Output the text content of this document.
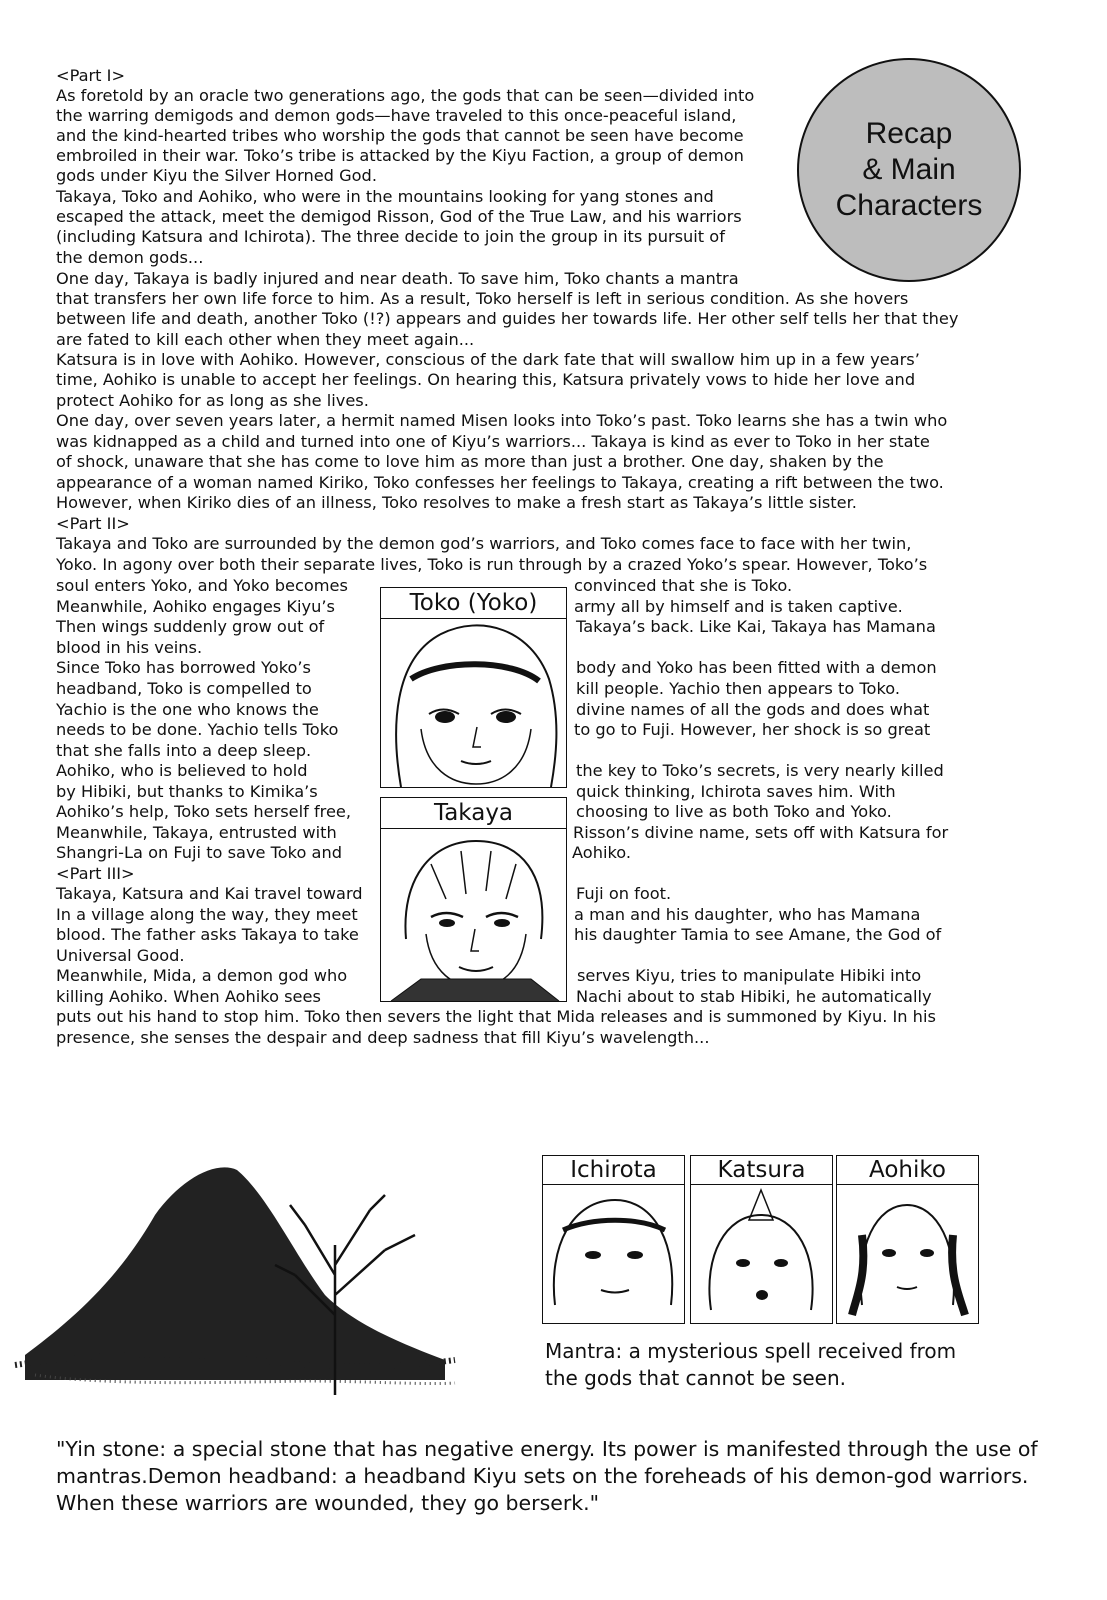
Recap
& Main
Characters
<Part I>
As foretold by an oracle two generations ago, the gods that can be seen—divided into
the warring demigods and demon gods—have traveled to this once-peaceful island,
and the kind-hearted tribes who worship the gods that cannot be seen have become
embroiled in their war. Toko’s tribe is attacked by the Kiyu Faction, a group of demon
gods under Kiyu the Silver Horned God.
Takaya, Toko and Aohiko, who were in the mountains looking for yang stones and
escaped the attack, meet the demigod Risson, God of the True Law, and his warriors
(including Katsura and Ichirota). The three decide to join the group in its pursuit of
the demon gods...
One day, Takaya is badly injured and near death. To save him, Toko chants a mantra
that transfers her own life force to him. As a result, Toko herself is left in serious condition. As she hovers
between life and death, another Toko (!?) appears and guides her towards life. Her other self tells her that they
are fated to kill each other when they meet again...
Katsura is in love with Aohiko. However, conscious of the dark fate that will swallow him up in a few years’
time, Aohiko is unable to accept her feelings. On hearing this, Katsura privately vows to hide her love and
protect Aohiko for as long as she lives.
One day, over seven years later, a hermit named Misen looks into Toko’s past. Toko learns she has a twin who
was kidnapped as a child and turned into one of Kiyu’s warriors... Takaya is kind as ever to Toko in her state
of shock, unaware that she has come to love him as more than just a brother. One day, shaken by the
appearance of a woman named Kiriko, Toko confesses her feelings to Takaya, creating a rift between the two.
However, when Kiriko dies of an illness, Toko resolves to make a fresh start as Takaya’s little sister.
<Part II>
Takaya and Toko are surrounded by the demon god’s warriors, and Toko comes face to face with her twin,
Yoko. In agony over both their separate lives, Toko is run through by a crazed Yoko’s spear. However, Toko’s
soul enters Yoko, and Yoko becomes
Meanwhile, Aohiko engages Kiyu’s
Then wings suddenly grow out of
blood in his veins.
Since Toko has borrowed Yoko’s
headband, Toko is compelled to
Yachio is the one who knows the
needs to be done. Yachio tells Toko
that she falls into a deep sleep.
Aohiko, who is believed to hold
by Hibiki, but thanks to Kimika’s
Aohiko’s help, Toko sets herself free,
Meanwhile, Takaya, entrusted with
Shangri-La on Fuji to save Toko and
<Part III>
Takaya, Katsura and Kai travel toward
In a village along the way, they meet
blood. The father asks Takaya to take
Universal Good.
Meanwhile, Mida, a demon god who
killing Aohiko. When Aohiko sees
convinced that she is Toko.
army all by himself and is taken captive.
Takaya’s back. Like Kai, Takaya has Mamana
body and Yoko has been fitted with a demon
kill people. Yachio then appears to Toko.
divine names of all the gods and does what
to go to Fuji. However, her shock is so great
the key to Toko’s secrets, is very nearly killed
quick thinking, Ichirota saves him. With
choosing to live as both Toko and Yoko.
Risson’s divine name, sets off with Katsura for
Aohiko.
Fuji on foot.
a man and his daughter, who has Mamana
his daughter Tamia to see Amane, the God of
serves Kiyu, tries to manipulate Hibiki into
Nachi about to stab Hibiki, he automatically
puts out his hand to stop him. Toko then severs the light that Mida releases and is summoned by Kiyu. In his
presence, she senses the despair and deep sadness that fill Kiyu’s wavelength...
Toko (Yoko)
Takaya
Ichirota	Katsura	Aohiko
Mantra: a mysterious spell received from the gods that cannot be seen.
"Yin stone: a special stone that has negative energy. Its power is manifested through the use of mantras.Demon headband: a headband Kiyu sets on the foreheads of his demon-god warriors. When these warriors are wounded, they go berserk."
